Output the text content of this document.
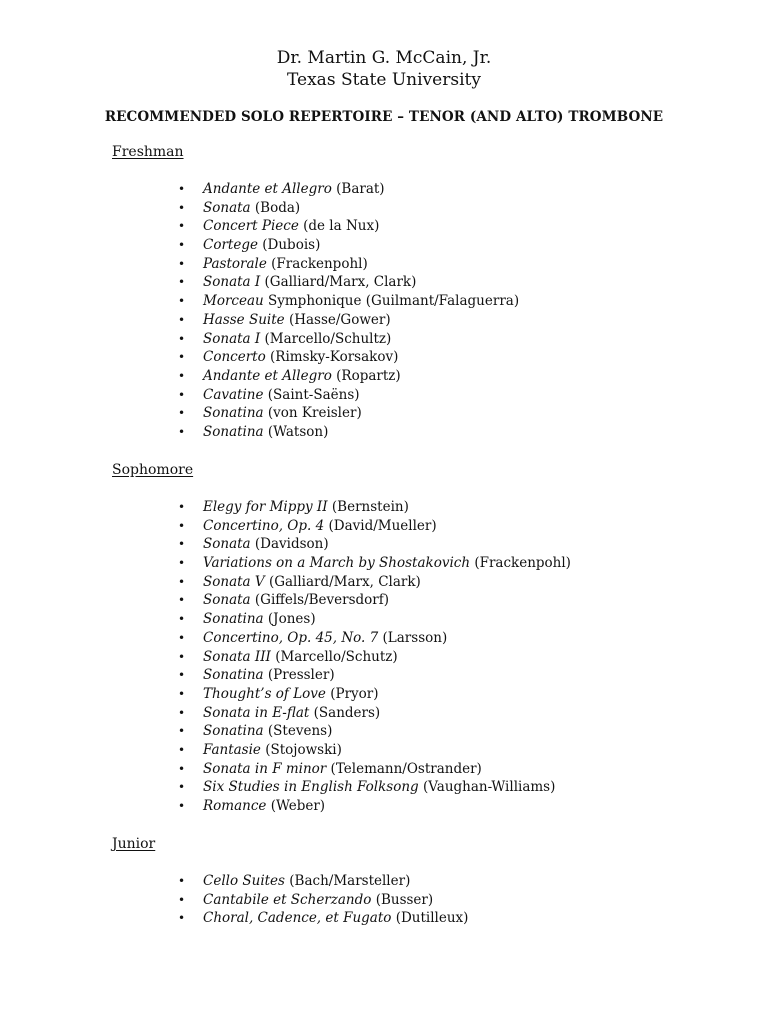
Dr. Martin G. McCain, Jr.

Texas State University

RECOMMENDED SOLO REPERTOIRE – TENOR (AND ALTO) TROMBONE

Freshman
• Andante et Allegro (Barat)
• Sonata (Boda)
• Concert Piece (de la Nux)
• Cortege (Dubois)
• Pastorale (Frackenpohl)
• Sonata I (Galliard/Marx, Clark)
• Morceau Symphonique (Guilmant/Falaguerra)
• Hasse Suite (Hasse/Gower)
• Sonata I (Marcello/Schultz)
• Concerto (Rimsky-Korsakov)
• Andante et Allegro (Ropartz)
• Cavatine (Saint-Saëns)
• Sonatina (von Kreisler)
• Sonatina (Watson)
Sophomore
• Elegy for Mippy II (Bernstein)
• Concertino, Op. 4 (David/Mueller)
• Sonata (Davidson)
• Variations on a March by Shostakovich (Frackenpohl)
• Sonata V (Galliard/Marx, Clark)
• Sonata (Giffels/Beversdorf)
• Sonatina (Jones)
• Concertino, Op. 45, No. 7 (Larsson)
• Sonata III (Marcello/Schutz)
• Sonatina (Pressler)
• Thought’s of Love (Pryor)
• Sonata in E-flat (Sanders)
• Sonatina (Stevens)
• Fantasie (Stojowski)
• Sonata in F minor (Telemann/Ostrander)
• Six Studies in English Folksong (Vaughan-Williams)
• Romance (Weber)
Junior
• Cello Suites (Bach/Marsteller)
• Cantabile et Scherzando (Busser)
• Choral, Cadence, et Fugato (Dutilleux)
